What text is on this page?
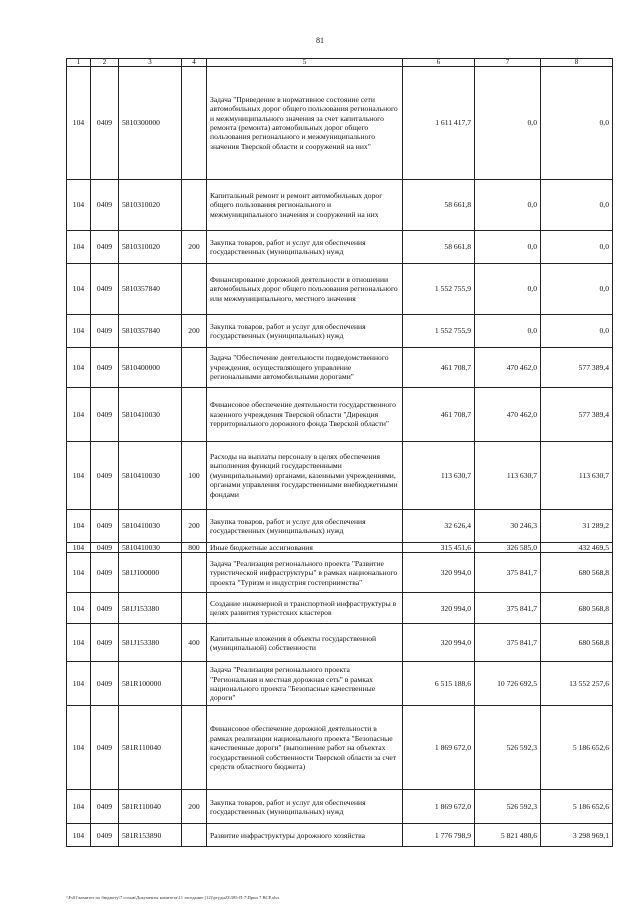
81
1	2	3	4	5	6	7	8
104	0409	5810300000		Задача "Приведение в нормативное состояние сети автомобильных дорог общего пользования регионального и межмуниципального значения за счет капитального ремонта (ремонта) автомобильных дорог общего пользования регионального и межмуниципального значения Тверской области и сооружений на них"	1 611 417,7	0,0	0,0
104	0409	5810310020		Капитальный ремонт и ремонт автомобильных дорог общего пользования регионального и межмуниципального значения и сооружений на них	58 661,8	0,0	0,0
104	0409	5810310020	200	Закупка товаров, работ и услуг для обеспечения государственных (муниципальных) нужд	58 661,8	0,0	0,0
104	0409	5810357840		Финансирование дорожной деятельности в отношении автомобильных дорог общего пользования регионального или межмуниципального, местного значения	1 552 755,9	0,0	0,0
104	0409	5810357840	200	Закупка товаров, работ и услуг для обеспечения государственных (муниципальных) нужд	1 552 755,9	0,0	0,0
104	0409	5810400000		Задача "Обеспечение деятельности подведомственного учреждения, осуществляющего управление региональными автомобильными дорогами"	461 708,7	470 462,0	577 389,4
104	0409	5810410030		Финансовое обеспечение деятельности государственного казенного учреждения Тверской области "Дирекция территориального дорожного фонда Тверской области"	461 708,7	470 462,0	577 389,4
104	0409	5810410030	100	Расходы на выплаты персоналу в целях обеспечения выполнения функций государственными (муниципальными) органами, казенными учреждениями, органами управления государственными внебюджетными фондами	113 630,7	113 630,7	113 630,7
104	0409	5810410030	200	Закупка товаров, работ и услуг для обеспечения государственных (муниципальных) нужд	32 626,4	30 246,3	31 289,2
104	0409	5810410030	800	Иные бюджетные ассигнования	315 451,6	326 585,0	432 469,5
104	0409	581J100000		Задача "Реализация регионального проекта "Развитие туристической инфраструктуры" в рамках национального проекта "Туризм и индустрия гостеприимства"	320 994,0	375 841,7	680 568,8
104	0409	581J153380		Создание инженерной и транспортной инфраструктуры в целях развития туристских кластеров	320 994,0	375 841,7	680 568,8
104	0409	581J153380	400	Капитальные вложения в объекты государственной (муниципальной) собственности	320 994,0	375 841,7	680 568,8
104	0409	581R100000		Задача "Реализация регионального проекта "Региональная и местная дорожная сеть" в рамках национального проекта "Безопасные качественные дороги"	6 515 188,6	10 726 692,5	13 552 257,6
104	0409	581R110040		Финансовое обеспечение дорожной деятельности в рамках реализации национального проекта "Безопасные качественные дороги" (выполнение работ на объектах государственной собственности Тверской области за счет средств областного бюджета)	1 869 672,0	526 592,3	5 186 652,6
104	0409	581R110040	200	Закупка товаров, работ и услуг для обеспечения государственных (муниципальных) нужд	1 869 672,0	526 592,3	5 186 652,6
104	0409	581R153890		Развитие инфраструктуры дорожного хозяйства	1 776 798,9	5 821 480,6	3 298 969,1
\\Fs01\комитет по бюджету\7 созыв\Документы комитета\11 заседание (12)\ргүдн23\385-П-7\Прил 7 ВСР.xlsx
